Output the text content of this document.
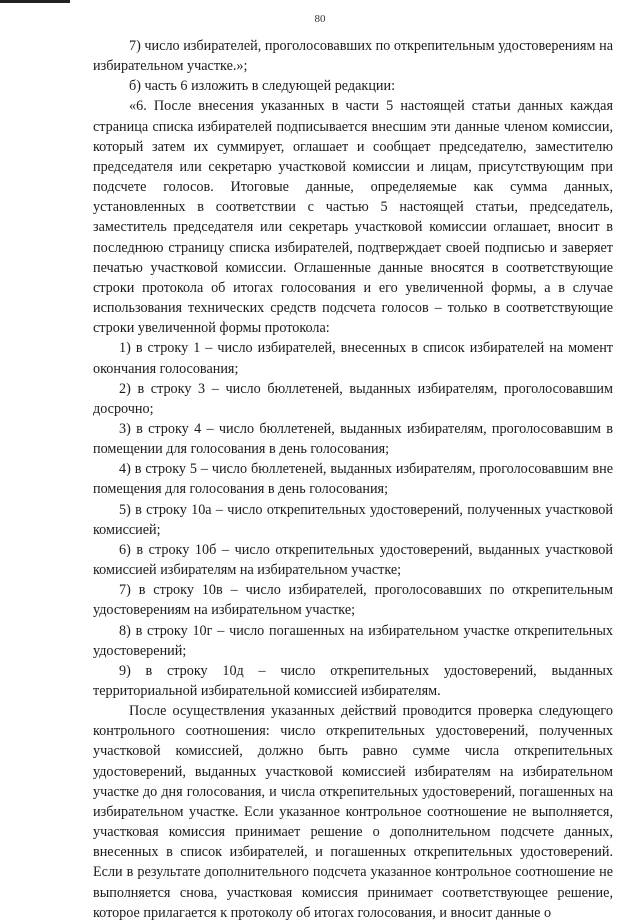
80

7) число избирателей, проголосовавших по открепительным удостоверениям на избирательном участке.»;

б) часть 6 изложить в следующей редакции:

«6. После внесения указанных в части 5 настоящей статьи данных каждая страница списка избирателей подписывается внесшим эти данные членом комиссии, который затем их суммирует, оглашает и сообщает председателю, заместителю председателя или секретарю участковой комиссии и лицам, присутствующим при подсчете голосов. Итоговые данные, определяемые как сумма данных, установленных в соответствии с частью 5 настоящей статьи, председатель, заместитель председателя или секретарь участковой комиссии оглашает, вносит в последнюю страницу списка избирателей, подтверждает своей подписью и заверяет печатью участковой комиссии. Оглашенные данные вносятся в соответствующие строки протокола об итогах голосования и его увеличенной формы, а в случае использования технических средств подсчета голосов – только в соответствующие строки увеличенной формы протокола:

1) в строку 1 – число избирателей, внесенных в список избирателей на момент окончания голосования;

2) в строку 3 – число бюллетеней, выданных избирателям, проголосовавшим досрочно;

3) в строку 4 – число бюллетеней, выданных избирателям, проголосовавшим в помещении для голосования в день голосования;

4) в строку 5 – число бюллетеней, выданных избирателям, проголосовавшим вне помещения для голосования в день голосования;

5) в строку 10а – число открепительных удостоверений, полученных участковой комиссией;

6) в строку 10б – число открепительных удостоверений, выданных участковой комиссией избирателям на избирательном участке;

7) в строку 10в – число избирателей, проголосовавших по открепительным удостоверениям на избирательном участке;

8) в строку 10г – число погашенных на избирательном участке открепительных удостоверений;

9) в строку 10д – число открепительных удостоверений, выданных территориальной избирательной комиссией избирателям.

После осуществления указанных действий проводится проверка следующего контрольного соотношения: число открепительных удостоверений, полученных участковой комиссией, должно быть равно сумме числа открепительных удостоверений, выданных участковой комиссией избирателям на избирательном участке до дня голосования, и числа открепительных удостоверений, погашенных на избирательном участке. Если указанное контрольное соотношение не выполняется, участковая комиссия принимает решение о дополнительном подсчете данных, внесенных в список избирателей, и погашенных открепительных удостоверений. Если в результате дополнительного подсчета указанное контрольное соотношение не выполняется снова, участковая комиссия принимает соответствующее решение, которое прилагается к протоколу об итогах голосования, и вносит данные о
